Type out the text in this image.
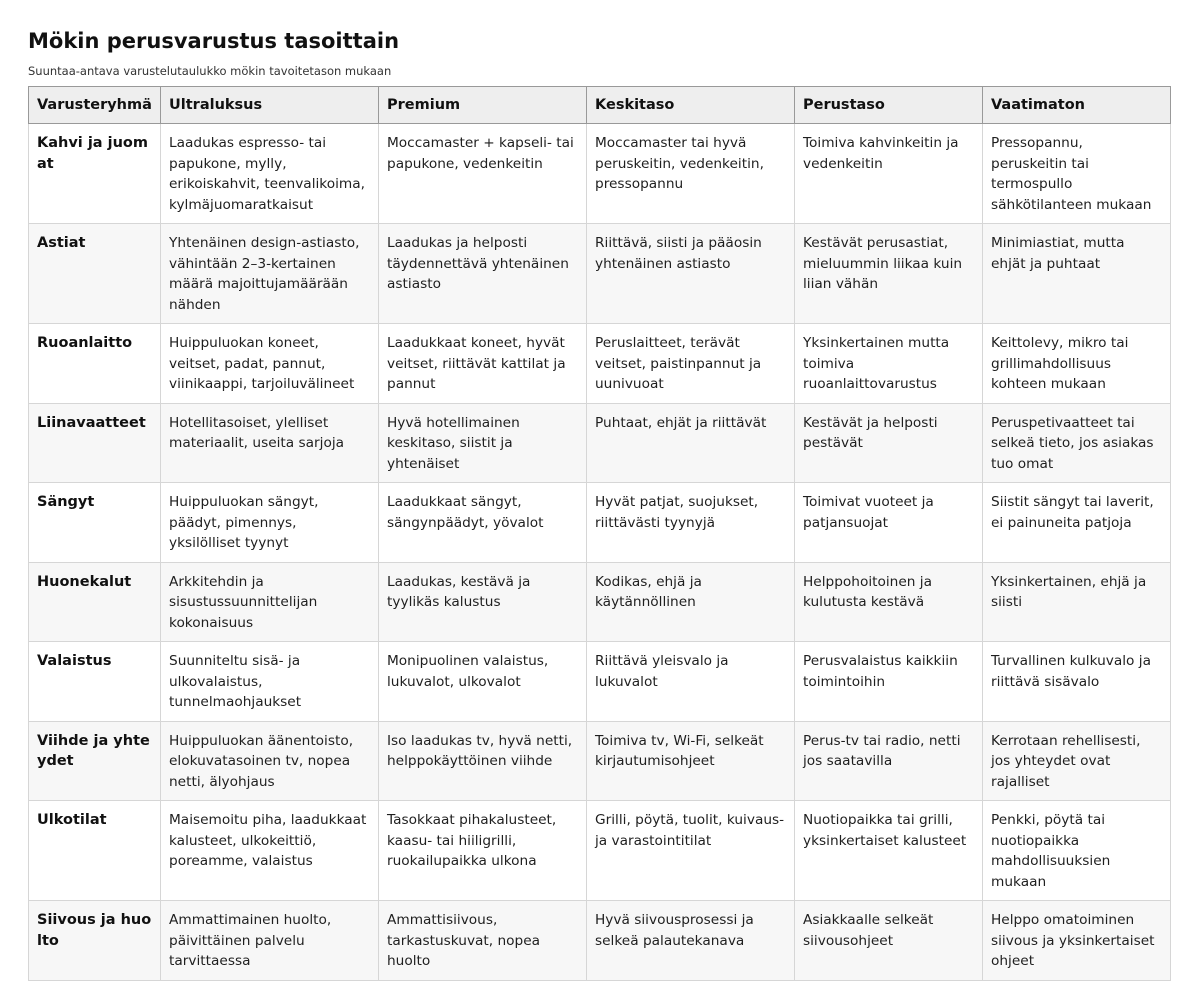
Mökin perusvarustus tasoittain
Suuntaa-antava varustelutaulukko mökin tavoitetason mukaan
Varusteryhmä	Ultraluksus	Premium	Keskitaso	Perustaso	Vaatimaton
Kahvi ja juomat	Laadukas espresso- tai papukone, mylly, erikoiskahvit, teenvalikoima, kylmäjuomaratkaisut	Moccamaster + kapseli- tai papukone, vedenkeitin	Moccamaster tai hyvä peruskeitin, vedenkeitin, pressopannu	Toimiva kahvinkeitin ja vedenkeitin	Pressopannu, peruskeitin tai termospullo sähkötilanteen mukaan
Astiat	Yhtenäinen design-astiasto, vähintään 2–3-kertainen määrä majoittujamäärään nähden	Laadukas ja helposti täydennettävä yhtenäinen astiasto	Riittävä, siisti ja pääosin yhtenäinen astiasto	Kestävät perusastiat, mieluummin liikaa kuin liian vähän	Minimiastiat, mutta ehjät ja puhtaat
Ruoanlaitto	Huippuluokan koneet, veitset, padat, pannut, viinikaappi, tarjoiluvälineet	Laadukkaat koneet, hyvät veitset, riittävät kattilat ja pannut	Peruslaitteet, terävät veitset, paistinpannut ja uunivuoat	Yksinkertainen mutta toimiva ruoanlaittovarustus	Keittolevy, mikro tai grillimahdollisuus kohteen mukaan
Liinavaatteet	Hotellitasoiset, ylelliset materiaalit, useita sarjoja	Hyvä hotellimainen keskitaso, siistit ja yhtenäiset	Puhtaat, ehjät ja riittävät	Kestävät ja helposti pestävät	Peruspetivaatteet tai selkeä tieto, jos asiakas tuo omat
Sängyt	Huippuluokan sängyt, päädyt, pimennys, yksilölliset tyynyt	Laadukkaat sängyt, sängynpäädyt, yövalot	Hyvät patjat, suojukset, riittävästi tyynyjä	Toimivat vuoteet ja patjansuojat	Siistit sängyt tai laverit, ei painuneita patjoja
Huonekalut	Arkkitehdin ja sisustussuunnittelijan kokonaisuus	Laadukas, kestävä ja tyylikäs kalustus	Kodikas, ehjä ja käytännöllinen	Helppohoitoinen ja kulutusta kestävä	Yksinkertainen, ehjä ja siisti
Valaistus	Suunniteltu sisä- ja ulkovalaistus, tunnelmaohjaukset	Monipuolinen valaistus, lukuvalot, ulkovalot	Riittävä yleisvalo ja lukuvalot	Perusvalaistus kaikkiin toimintoihin	Turvallinen kulkuvalo ja riittävä sisävalo
Viihde ja yhteydet	Huippuluokan äänentoisto, elokuvatasoinen tv, nopea netti, älyohjaus	Iso laadukas tv, hyvä netti, helppokäyttöinen viihde	Toimiva tv, Wi-Fi, selkeät kirjautumisohjeet	Perus-tv tai radio, netti jos saatavilla	Kerrotaan rehellisesti, jos yhteydet ovat rajalliset
Ulkotilat	Maisemoitu piha, laadukkaat kalusteet, ulkokeittiö, poreamme, valaistus	Tasokkaat pihakalusteet, kaasu- tai hiiligrilli, ruokailupaikka ulkona	Grilli, pöytä, tuolit, kuivaus- ja varastointitilat	Nuotiopaikka tai grilli, yksinkertaiset kalusteet	Penkki, pöytä tai nuotiopaikka mahdollisuuksien mukaan
Siivous ja huolto	Ammattimainen huolto, päivittäinen palvelu tarvittaessa	Ammattisiivous, tarkastuskuvat, nopea huolto	Hyvä siivousprosessi ja selkeä palautekanava	Asiakkaalle selkeät siivousohjeet	Helppo omatoiminen siivous ja yksinkertaiset ohjeet
